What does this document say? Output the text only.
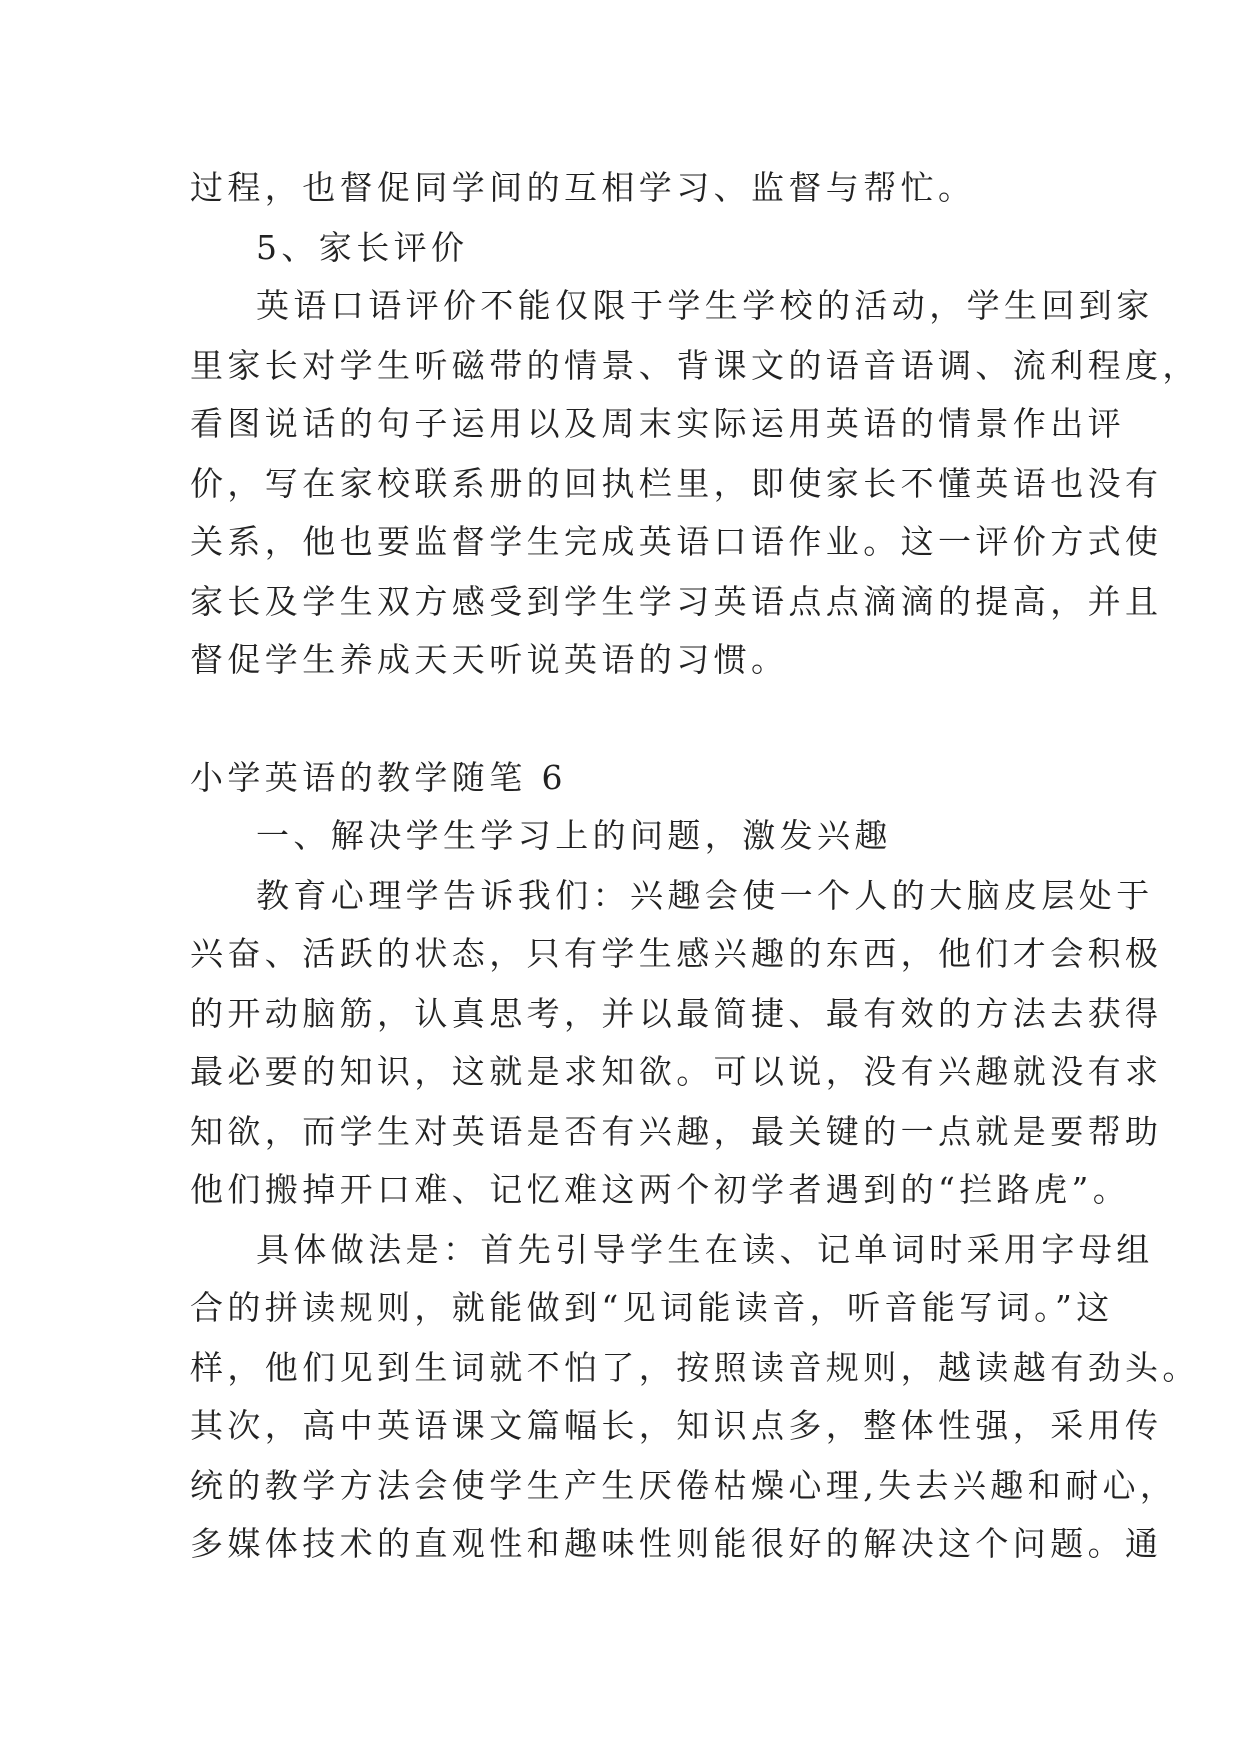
过程，也督促同学间的互相学习、监督与帮忙。
5、家长评价
英语口语评价不能仅限于学生学校的活动，学生回到家
里家长对学生听磁带的情景、背课文的语音语调、流利程度，
看图说话的句子运用以及周末实际运用英语的情景作出评
价，写在家校联系册的回执栏里，即使家长不懂英语也没有
关系，他也要监督学生完成英语口语作业。这一评价方式使
家长及学生双方感受到学生学习英语点点滴滴的提高，并且
督促学生养成天天听说英语的习惯。
小学英语的教学随笔 6
一、解决学生学习上的问题，激发兴趣
教育心理学告诉我们：兴趣会使一个人的大脑皮层处于
兴奋、活跃的状态，只有学生感兴趣的东西，他们才会积极
的开动脑筋，认真思考，并以最简捷、最有效的方法去获得
最必要的知识，这就是求知欲。可以说，没有兴趣就没有求
知欲，而学生对英语是否有兴趣，最关键的一点就是要帮助
他们搬掉开口难、记忆难这两个初学者遇到的“拦路虎”。
具体做法是：首先引导学生在读、记单词时采用字母组
合的拼读规则，就能做到“见词能读音，听音能写词。”这
样，他们见到生词就不怕了，按照读音规则，越读越有劲头。
其次，高中英语课文篇幅长，知识点多，整体性强，采用传
统的教学方法会使学生产生厌倦枯燥心理,失去兴趣和耐心，
多媒体技术的直观性和趣味性则能很好的解决这个问题。通
